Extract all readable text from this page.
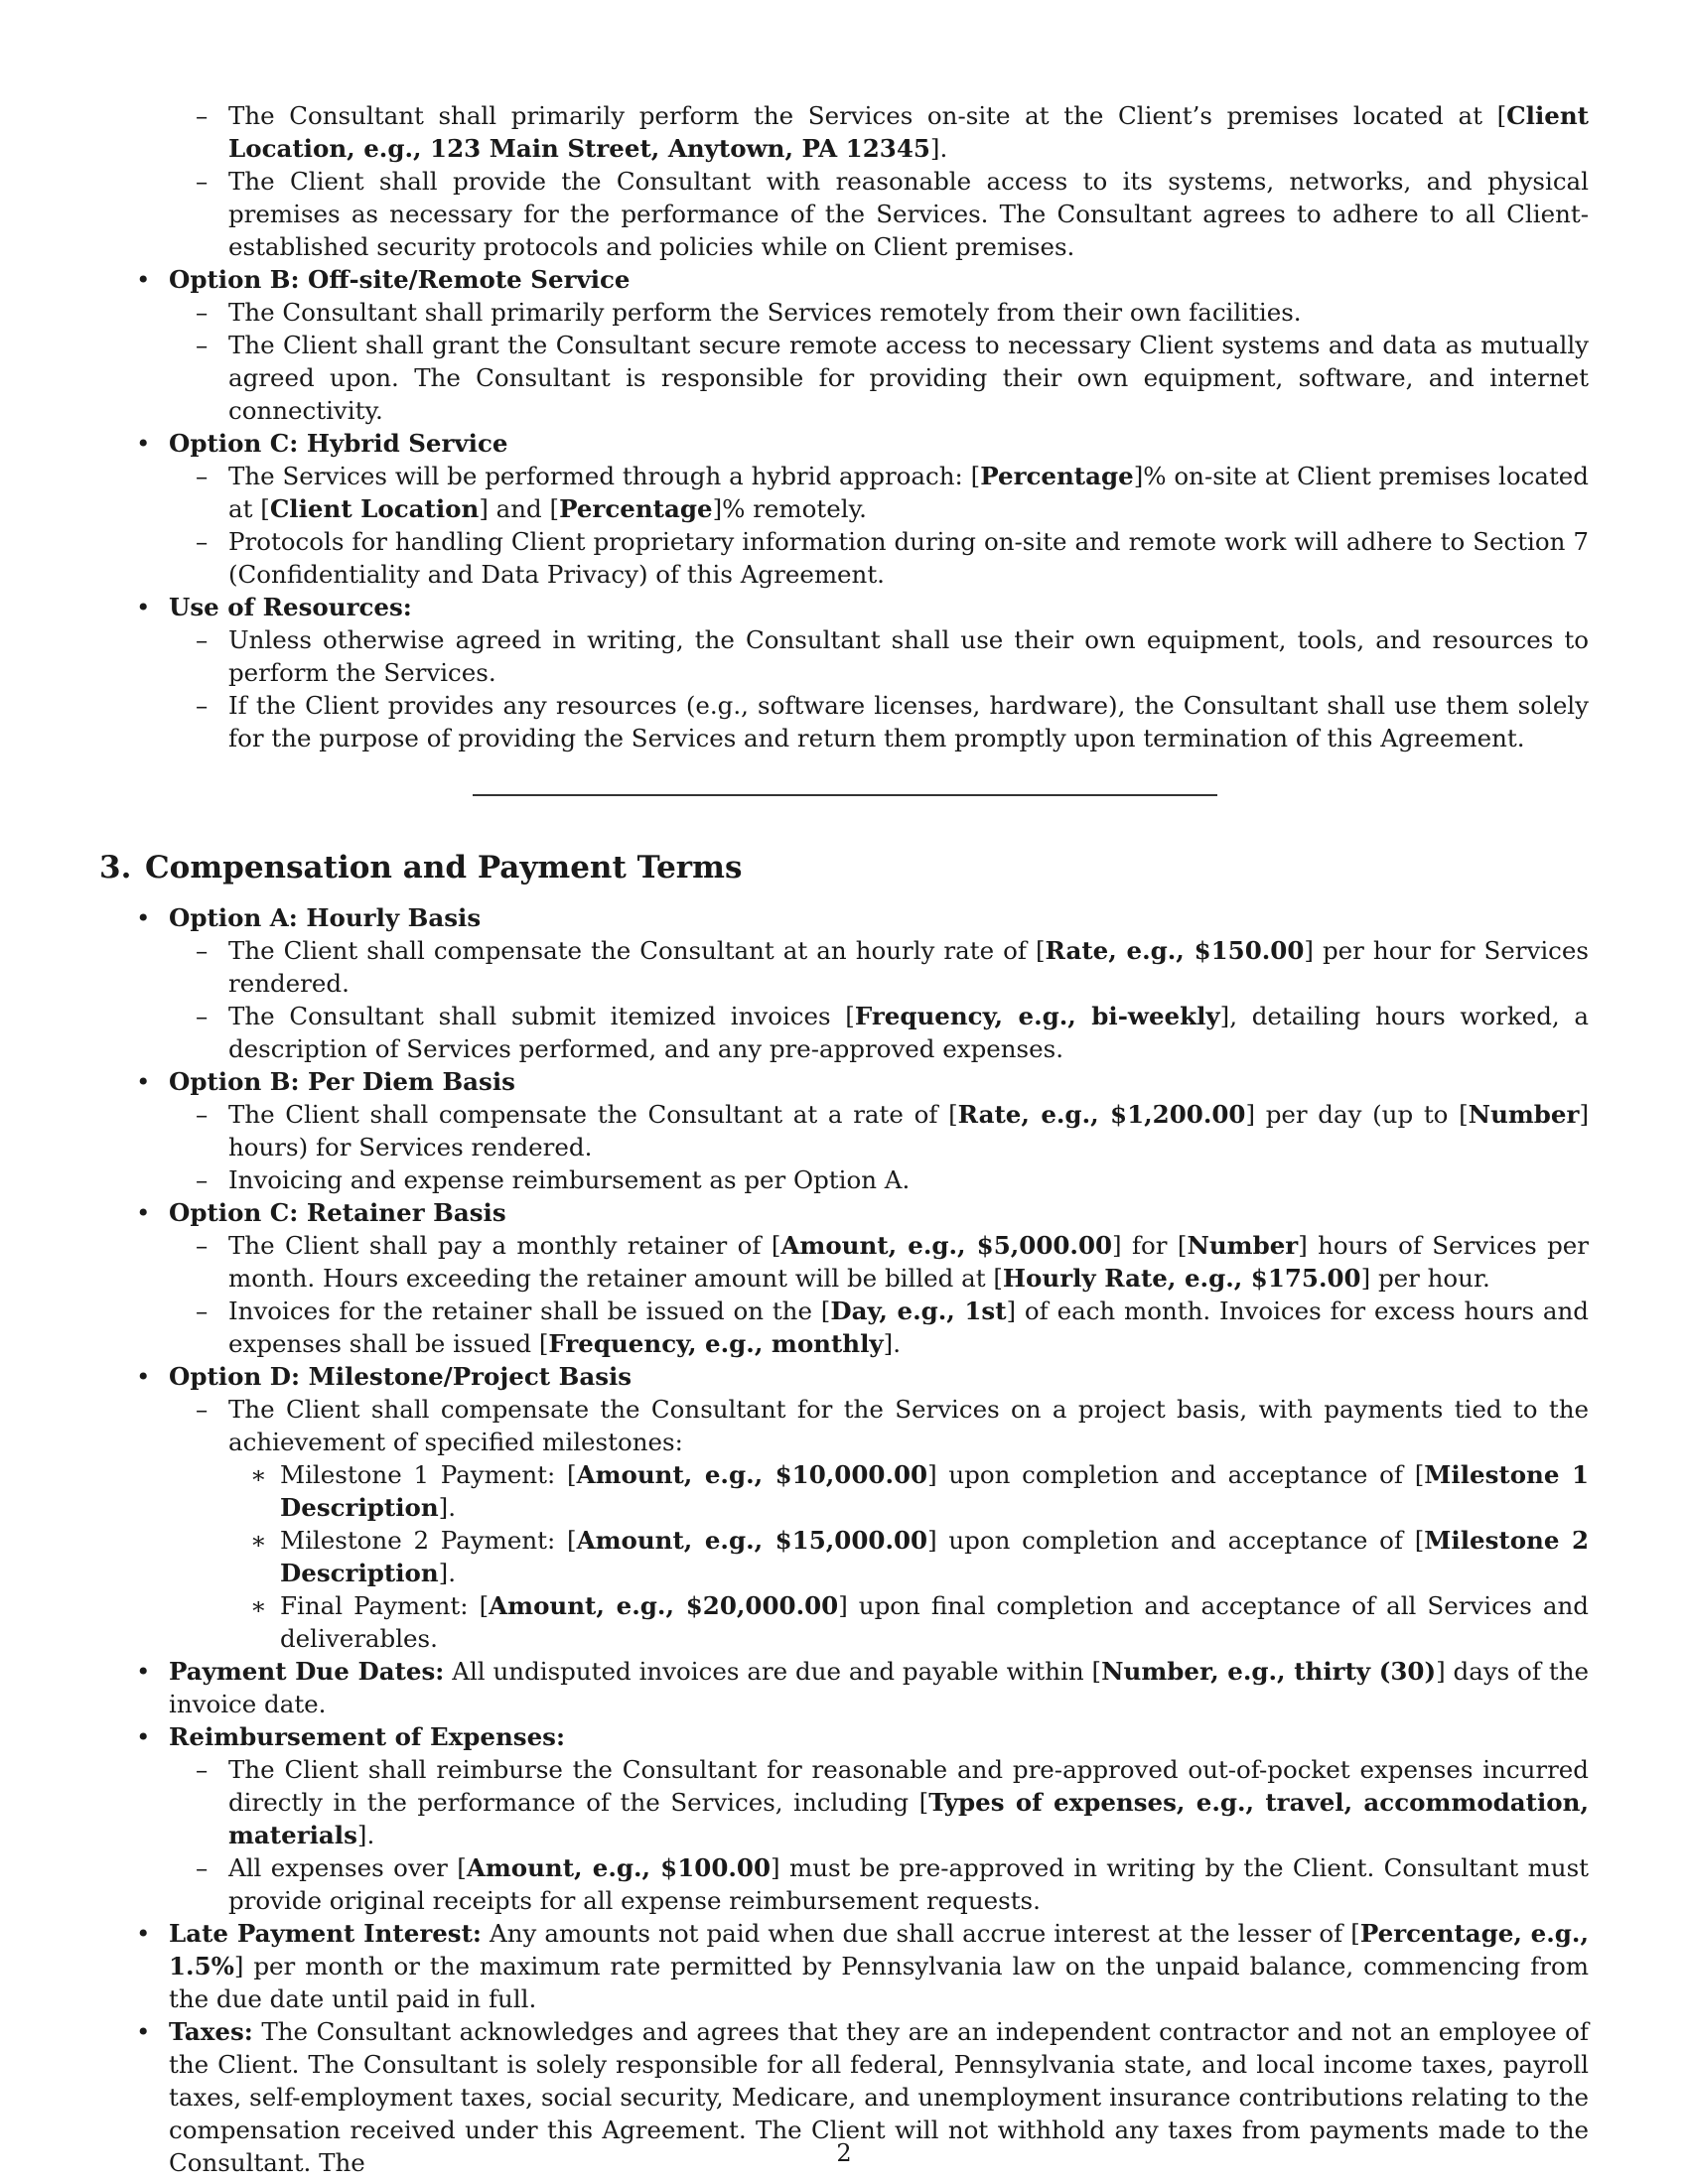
– The Consultant shall primarily perform the Services on-site at the Client’s premises located at [Client Location, e.g., 123 Main Street, Anytown, PA 12345].
– The Client shall provide the Consultant with reasonable access to its systems, networks, and physical premises as necessary for the performance of the Services. The Consultant agrees to adhere to all Client-established security protocols and policies while on Client premises.
• Option B: Off-site/Remote Service
– The Consultant shall primarily perform the Services remotely from their own facilities.
– The Client shall grant the Consultant secure remote access to necessary Client systems and data as mutually agreed upon. The Consultant is responsible for providing their own equipment, software, and internet connectivity.
• Option C: Hybrid Service
– The Services will be performed through a hybrid approach: [Percentage]% on-site at Client premises located at [Client Location] and [Percentage]% remotely.
– Protocols for handling Client proprietary information during on-site and remote work will adhere to Section 7 (Confidentiality and Data Privacy) of this Agreement.
• Use of Resources:
– Unless otherwise agreed in writing, the Consultant shall use their own equipment, tools, and resources to perform the Services.
– If the Client provides any resources (e.g., software licenses, hardware), the Consultant shall use them solely for the purpose of providing the Services and return them promptly upon termination of this Agreement.
3. Compensation and Payment Terms
• Option A: Hourly Basis
– The Client shall compensate the Consultant at an hourly rate of [Rate, e.g., $150.00] per hour for Services rendered.
– The Consultant shall submit itemized invoices [Frequency, e.g., bi-weekly], detailing hours worked, a description of Services performed, and any pre-approved expenses.
• Option B: Per Diem Basis
– The Client shall compensate the Consultant at a rate of [Rate, e.g., $1,200.00] per day (up to [Number] hours) for Services rendered.
– Invoicing and expense reimbursement as per Option A.
• Option C: Retainer Basis
– The Client shall pay a monthly retainer of [Amount, e.g., $5,000.00] for [Number] hours of Services per month. Hours exceeding the retainer amount will be billed at [Hourly Rate, e.g., $175.00] per hour.
– Invoices for the retainer shall be issued on the [Day, e.g., 1st] of each month. Invoices for excess hours and expenses shall be issued [Frequency, e.g., monthly].
• Option D: Milestone/Project Basis
– The Client shall compensate the Consultant for the Services on a project basis, with payments tied to the achievement of specified milestones:
∗ Milestone 1 Payment: [Amount, e.g., $10,000.00] upon completion and acceptance of [Milestone 1 Description].
∗ Milestone 2 Payment: [Amount, e.g., $15,000.00] upon completion and acceptance of [Milestone 2 Description].
∗ Final Payment: [Amount, e.g., $20,000.00] upon final completion and acceptance of all Services and deliverables.
• Payment Due Dates: All undisputed invoices are due and payable within [Number, e.g., thirty (30)] days of the invoice date.
• Reimbursement of Expenses:
– The Client shall reimburse the Consultant for reasonable and pre-approved out-of-pocket expenses incurred directly in the performance of the Services, including [Types of expenses, e.g., travel, accommodation, materials].
– All expenses over [Amount, e.g., $100.00] must be pre-approved in writing by the Client. Consultant must provide original receipts for all expense reimbursement requests.
• Late Payment Interest: Any amounts not paid when due shall accrue interest at the lesser of [Percentage, e.g., 1.5%] per month or the maximum rate permitted by Pennsylvania law on the unpaid balance, commencing from the due date until paid in full.
• Taxes: The Consultant acknowledges and agrees that they are an independent contractor and not an employee of the Client. The Consultant is solely responsible for all federal, Pennsylvania state, and local income taxes, payroll taxes, self-employment taxes, social security, Medicare, and unemployment insurance contributions relating to the compensation received under this Agreement. The Client will not withhold any taxes from payments made to the Consultant. The	2
